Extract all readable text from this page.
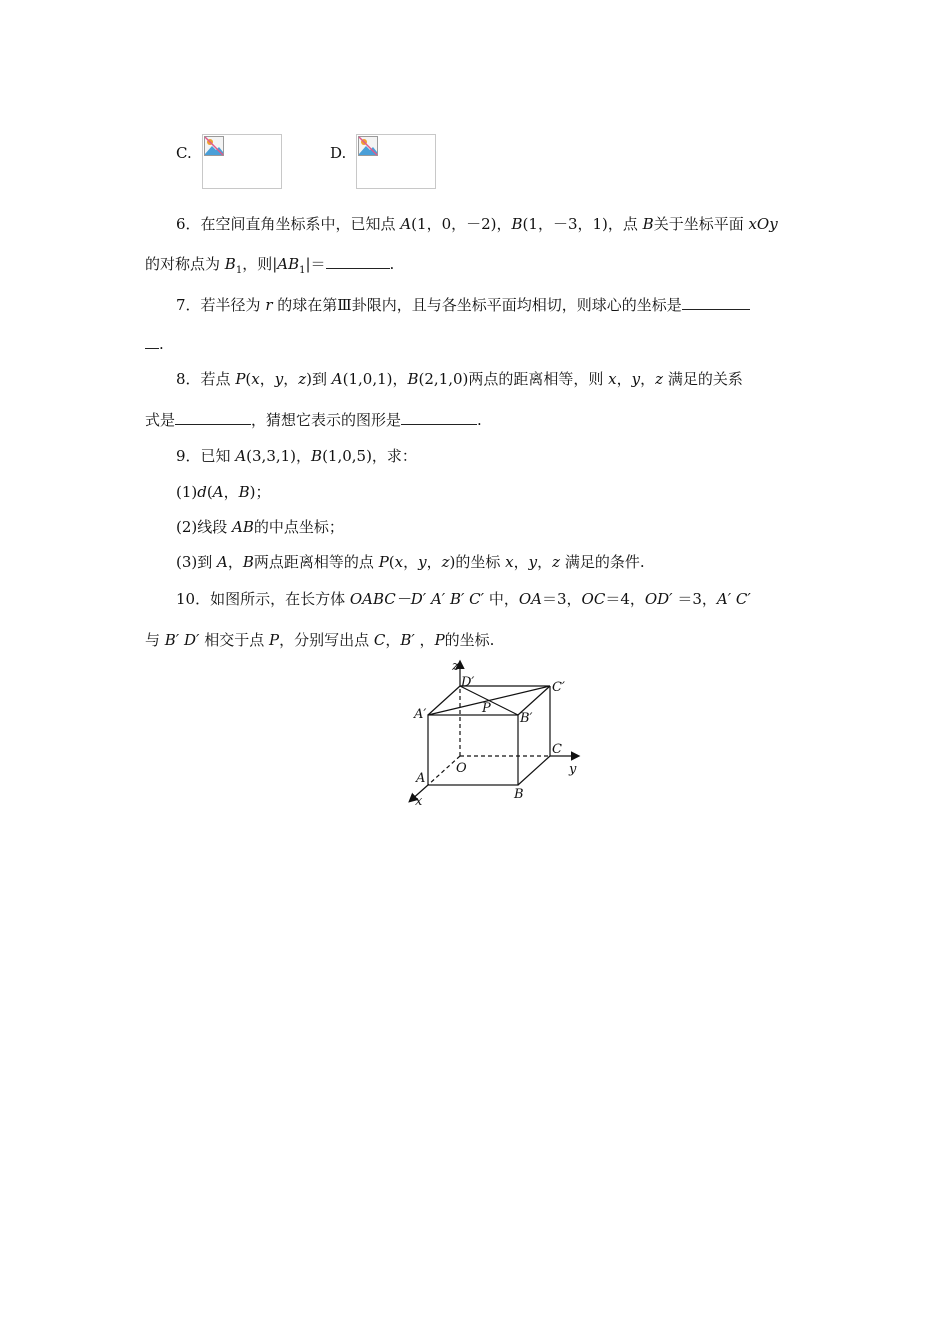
C.	D.
6．在空间直角坐标系中，已知点 A(1，0，－2)，B(1，－3，1)，点 B关于坐标平面 xOy
的对称点为 $B_1$，则$|AB_1|=$	.
7．若半径为 r 的球在第Ⅲ卦限内，且与各坐标平面均相切，则球心的坐标是
.
8．若点 P(x，y，z)到 A(1,0,1)，B(2,1,0)两点的距离相等，则 x，y，z 满足的关系
式是	，猜想它表示的图形是	.
9．已知 A(3,3,1)，B(1,0,5)，求：
(1)d(A，B)；
(2)线段 AB的中点坐标；
(3)到 A，B两点距离相等的点 P(x，y，z)的坐标 x，y，z 满足的条件.
10．如图所示，在长方体 OABC－D′ A′ B′ C′ 中，OA＝3，OC＝4，OD′ ＝3，A′ C′
与 B′ D′ 相交于点 P，分别写出点 C，B′ ，P的坐标.
z
y
x
O
A
B
C
P
A′	B′
C′
D′
